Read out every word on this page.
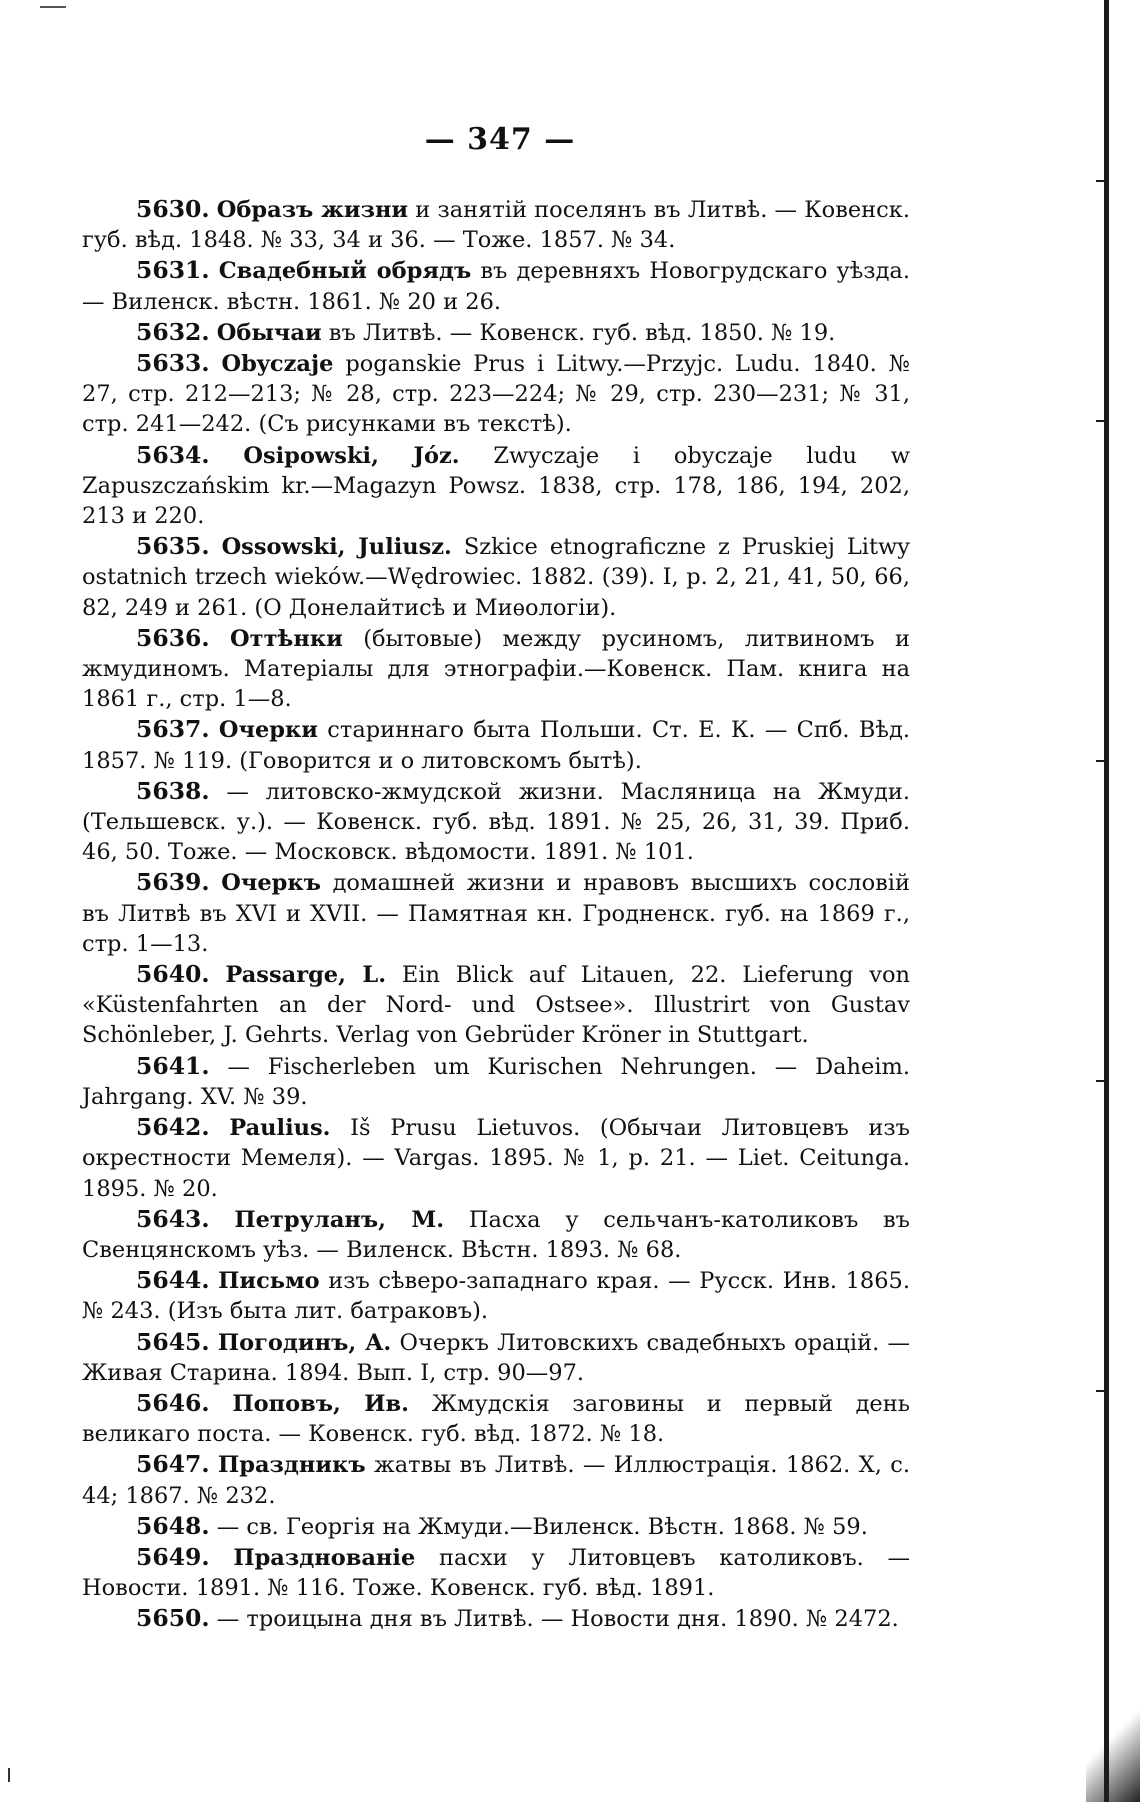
— 347 —

5630. Образъ жизни и занятій поселянъ въ Литвѣ. — Ковенск. губ. вѣд. 1848. № 33, 34 и 36. — Тоже. 1857. № 34.

5631. Свадебный обрядъ въ деревняхъ Новогрудскаго уѣзда. — Виленск. вѣстн. 1861. № 20 и 26.

5632. Обычаи въ Литвѣ. — Ковенск. губ. вѣд. 1850. № 19.

5633. Obyczaje poganskie Prus i Litwy.—Przyjc. Ludu. 1840. № 27, стр. 212—213; № 28, стр. 223—224; № 29, стр. 230—231; № 31, стр. 241—242. (Съ рисунками въ текстѣ).

5634. Osipowski, Józ. Zwyczaje i obyczaje ludu w Zapuszczańskim kr.—Magazyn Powsz. 1838, стр. 178, 186, 194, 202, 213 и 220.

5635. Ossowski, Juliusz. Szkice etnograficzne z Pruskiej Litwy ostatnich trzech wieków.—Wędrowiec. 1882. (39). I, p. 2, 21, 41, 50, 66, 82, 249 и 261. (О Донелайтисѣ и Миѳологіи).

5636. Оттѣнки (бытовые) между русиномъ, литвиномъ и жмудиномъ. Матеріалы для этнографіи.—Ковенск. Пам. книга на 1861 г., стр. 1—8.

5637. Очерки стариннаго быта Польши. Ст. Е. К. — Спб. Вѣд. 1857. № 119. (Говорится и о литовскомъ бытѣ).

5638. — литовско-жмудской жизни. Масляница на Жмуди. (Тельшевск. у.). — Ковенск. губ. вѣд. 1891. № 25, 26, 31, 39. Приб. 46, 50. Тоже. — Московск. вѣдомости. 1891. № 101.

5639. Очеркъ домашней жизни и нравовъ высшихъ сословій въ Литвѣ въ XVI и XVII. — Памятная кн. Гродненск. губ. на 1869 г., стр. 1—13.

5640. Passarge, L. Ein Blick auf Litauen, 22. Lieferung von «Küstenfahrten an der Nord- und Ostsee». Illustrirt von Gustav Schönleber, J. Gehrts. Verlag von Gebrüder Kröner in Stuttgart.

5641. — Fischerleben um Kurischen Nehrungen. — Daheim. Jahrgang. XV. № 39.

5642. Paulius. Iš Prusu Lietuvos. (Обычаи Литовцевъ изъ окрестности Мемеля). — Vargas. 1895. № 1, p. 21. — Liet. Ceitunga. 1895. № 20.

5643. Петруланъ, М. Пасха у сельчанъ-католиковъ въ Свенцянскомъ уѣз. — Виленск. Вѣстн. 1893. № 68.

5644. Письмо изъ сѣверо-западнаго края. — Русск. Инв. 1865. № 243. (Изъ быта лит. батраковъ).

5645. Погодинъ, А. Очеркъ Литовскихъ свадебныхъ орацій. — Живая Старина. 1894. Вып. I, стр. 90—97.

5646. Поповъ, Ив. Жмудскія заговины и первый день великаго поста. — Ковенск. губ. вѣд. 1872. № 18.

5647. Праздникъ жатвы въ Литвѣ. — Иллюстрація. 1862. X, с. 44; 1867. № 232.

5648. — св. Георгія на Жмуди.—Виленск. Вѣстн. 1868. № 59.

5649. Празднованіе пасхи у Литовцевъ католиковъ. — Новости. 1891. № 116. Тоже. Ковенск. губ. вѣд. 1891.

5650. — троицына дня въ Литвѣ. — Новости дня. 1890. № 2472.
